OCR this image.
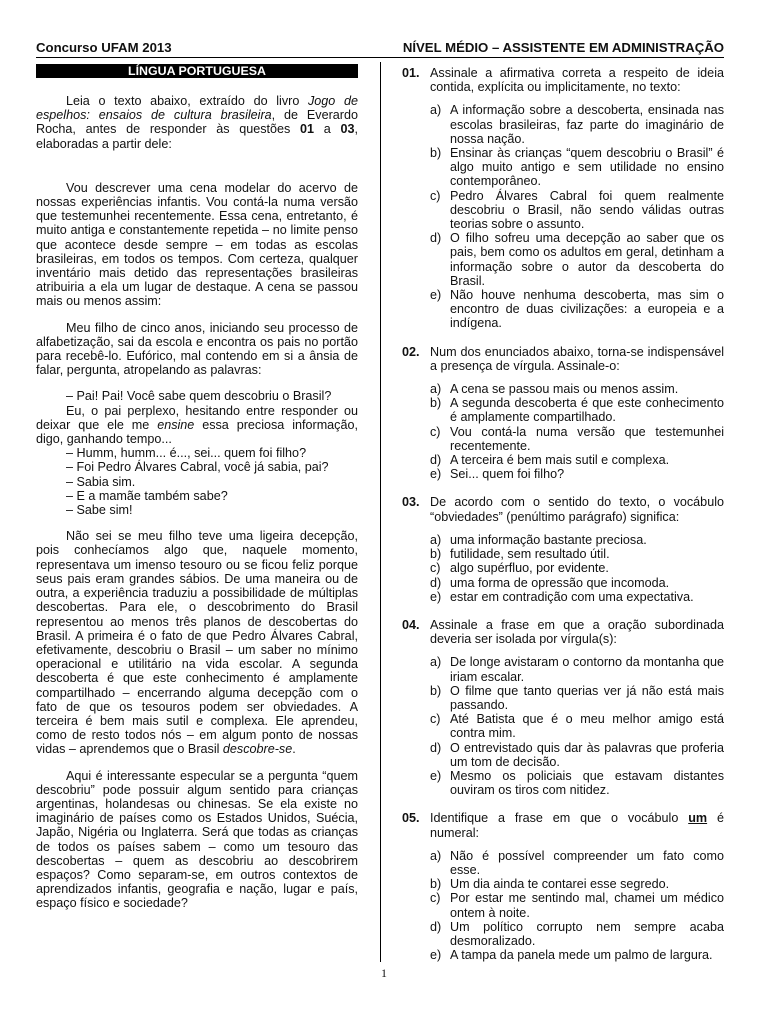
Concurso UFAM 2013	NÍVEL MÉDIO – ASSISTENTE EM ADMINISTRAÇÃO
LÍNGUA PORTUGUESA

Leia o texto abaixo, extraído do livro Jogo de espelhos: ensaios de cultura brasileira, de Everardo Rocha, antes de responder às questões 01 a 03, elaboradas a partir dele:

Vou descrever uma cena modelar do acervo de nossas experiências infantis. Vou contá-la numa versão que testemunhei recentemente. Essa cena, entretanto, é muito antiga e constantemente repetida – no limite penso que acontece desde sempre – em todas as escolas brasileiras, em todos os tempos. Com certeza, qualquer inventário mais detido das representações brasileiras atribuiria a ela um lugar de destaque. A cena se passou mais ou menos assim:

Meu filho de cinco anos, iniciando seu processo de alfabetização, sai da escola e encontra os pais no portão para recebê-lo. Eufórico, mal contendo em si a ânsia de falar, pergunta, atropelando as palavras:

– Pai! Pai! Você sabe quem descobriu o Brasil?

Eu, o pai perplexo, hesitando entre responder ou deixar que ele me ensine essa preciosa informação, digo, ganhando tempo...

– Humm, humm... é..., sei... quem foi filho?

– Foi Pedro Álvares Cabral, você já sabia, pai?

– Sabia sim.

– E a mamãe também sabe?

– Sabe sim!

Não sei se meu filho teve uma ligeira decepção, pois conhecíamos algo que, naquele momento, representava um imenso tesouro ou se ficou feliz porque seus pais eram grandes sábios. De uma maneira ou de outra, a experiência traduziu a possibilidade de múltiplas descobertas. Para ele, o descobrimento do Brasil representou ao menos três planos de descobertas do Brasil. A primeira é o fato de que Pedro Álvares Cabral, efetivamente, descobriu o Brasil – um saber no mínimo operacional e utilitário na vida escolar. A segunda descoberta é que este conhecimento é amplamente compartilhado – encerrando alguma decepção com o fato de que os tesouros podem ser obviedades. A terceira é bem mais sutil e complexa. Ele aprendeu, como de resto todos nós – em algum ponto de nossas vidas – aprendemos que o Brasil descobre-se.

Aqui é interessante especular se a pergunta “quem descobriu” pode possuir algum sentido para crianças argentinas, holandesas ou chinesas. Se ela existe no imaginário de países como os Estados Unidos, Suécia, Japão, Nigéria ou Inglaterra. Será que todas as crianças de todos os países sabem – como um tesouro das descobertas – quem as descobriu ao descobrirem espaços? Como separam-se, em outros contextos de aprendizados infantis, geografia e nação, lugar e país, espaço físico e sociedade?

01. Assinale a afirmativa correta a respeito de ideia contida, explícita ou implicitamente, no texto:
a) A informação sobre a descoberta, ensinada nas escolas brasileiras, faz parte do imaginário de nossa nação.
b) Ensinar às crianças “quem descobriu o Brasil” é algo muito antigo e sem utilidade no ensino contemporâneo.
c) Pedro Álvares Cabral foi quem realmente descobriu o Brasil, não sendo válidas outras teorias sobre o assunto.
d) O filho sofreu uma decepção ao saber que os pais, bem como os adultos em geral, detinham a informação sobre o autor da descoberta do Brasil.
e) Não houve nenhuma descoberta, mas sim o encontro de duas civilizações: a europeia e a indígena.
02. Num dos enunciados abaixo, torna-se indispensável a presença de vírgula. Assinale-o:
a) A cena se passou mais ou menos assim.
b) A segunda descoberta é que este conhecimento é amplamente compartilhado.
c) Vou contá-la numa versão que testemunhei recentemente.
d) A terceira é bem mais sutil e complexa.
e) Sei... quem foi filho?
03. De acordo com o sentido do texto, o vocábulo “obviedades” (penúltimo parágrafo) significa:
a) uma informação bastante preciosa.
b) futilidade, sem resultado útil.
c) algo supérfluo, por evidente.
d) uma forma de opressão que incomoda.
e) estar em contradição com uma expectativa.
04. Assinale a frase em que a oração subordinada deveria ser isolada por vírgula(s):
a) De longe avistaram o contorno da montanha que iriam escalar.
b) O filme que tanto querias ver já não está mais passando.
c) Até Batista que é o meu melhor amigo está contra mim.
d) O entrevistado quis dar às palavras que proferia um tom de decisão.
e) Mesmo os policiais que estavam distantes ouviram os tiros com nitidez.
05. Identifique a frase em que o vocábulo um é numeral:
a) Não é possível compreender um fato como esse.
b) Um dia ainda te contarei esse segredo.
c) Por estar me sentindo mal, chamei um médico ontem à noite.
d) Um político corrupto nem sempre acaba desmoralizado.
e) A tampa da panela mede um palmo de largura.
1
